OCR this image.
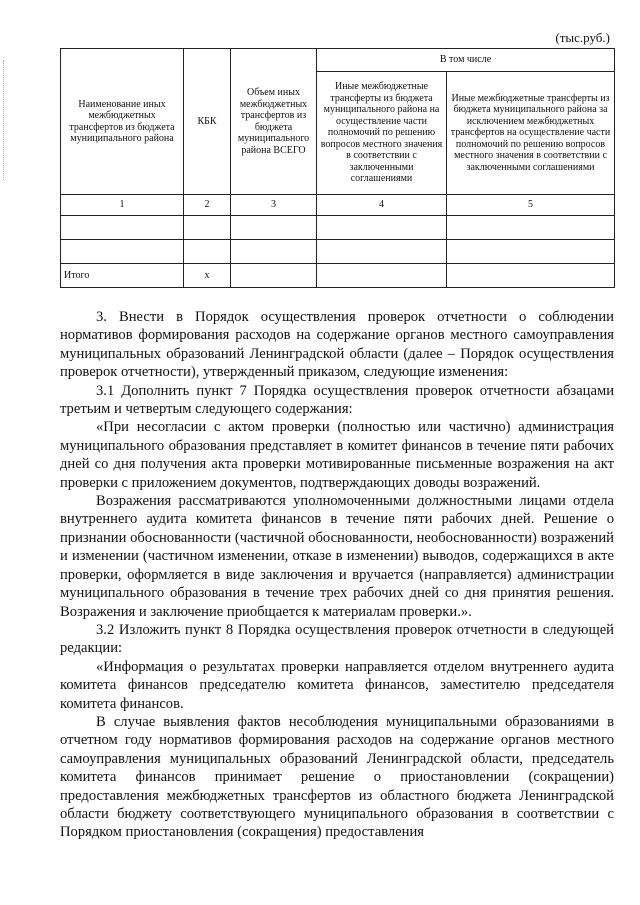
(тыс.руб.)
Наименование иных межбюджетных трансфертов из бюджета муниципального района	КБК	Объем иных межбюджетных трансфертов из бюджета муниципального района ВСЕГО	В том числе	
			Иные межбюджетные трансферты из бюджета муниципального района на осуществление части полномочий по решению вопросов местного значения в соответствии с заключенными соглашениями	Иные межбюджетные трансферты из бюджета муниципального района за исключением межбюджетных трансфертов на осуществление части полномочий по решению вопросов местного значения в соответствии с заключенными соглашениями
1	2	3	4	5

Итого	х			

3. Внести в Порядок осуществления проверок отчетности о соблюдении нормативов формирования расходов на содержание органов местного самоуправления муниципальных образований Ленинградской области (далее – Порядок осуществления проверок отчетности), утвержденный приказом, следующие изменения:

3.1 Дополнить пункт 7 Порядка осуществления проверок отчетности абзацами третьим и четвертым следующего содержания:

«При несогласии с актом проверки (полностью или частично) администрация муниципального образования представляет в комитет финансов в течение пяти рабочих дней со дня получения акта проверки мотивированные письменные возражения на акт проверки с приложением документов, подтверждающих доводы возражений.

Возражения рассматриваются уполномоченными должностными лицами отдела внутреннего аудита комитета финансов в течение пяти рабочих дней. Решение о признании обоснованности (частичной обоснованности, необоснованности) возражений и изменении (частичном изменении, отказе в изменении) выводов, содержащихся в акте проверки, оформляется в виде заключения и вручается (направляется) администрации муниципального образования в течение трех рабочих дней со дня принятия решения. Возражения и заключение приобщается к материалам проверки.».

3.2 Изложить пункт 8 Порядка осуществления проверок отчетности в следующей редакции:

«Информация о результатах проверки направляется отделом внутреннего аудита комитета финансов председателю комитета финансов, заместителю председателя комитета финансов.

В случае выявления фактов несоблюдения муниципальными образованиями в отчетном году нормативов формирования расходов на содержание органов местного самоуправления муниципальных образований Ленинградской области, председатель комитета финансов принимает решение о приостановлении (сокращении) предоставления межбюджетных трансфертов из областного бюджета Ленинградской области бюджету соответствующего муниципального образования в соответствии с Порядком приостановления (сокращения) предоставления
